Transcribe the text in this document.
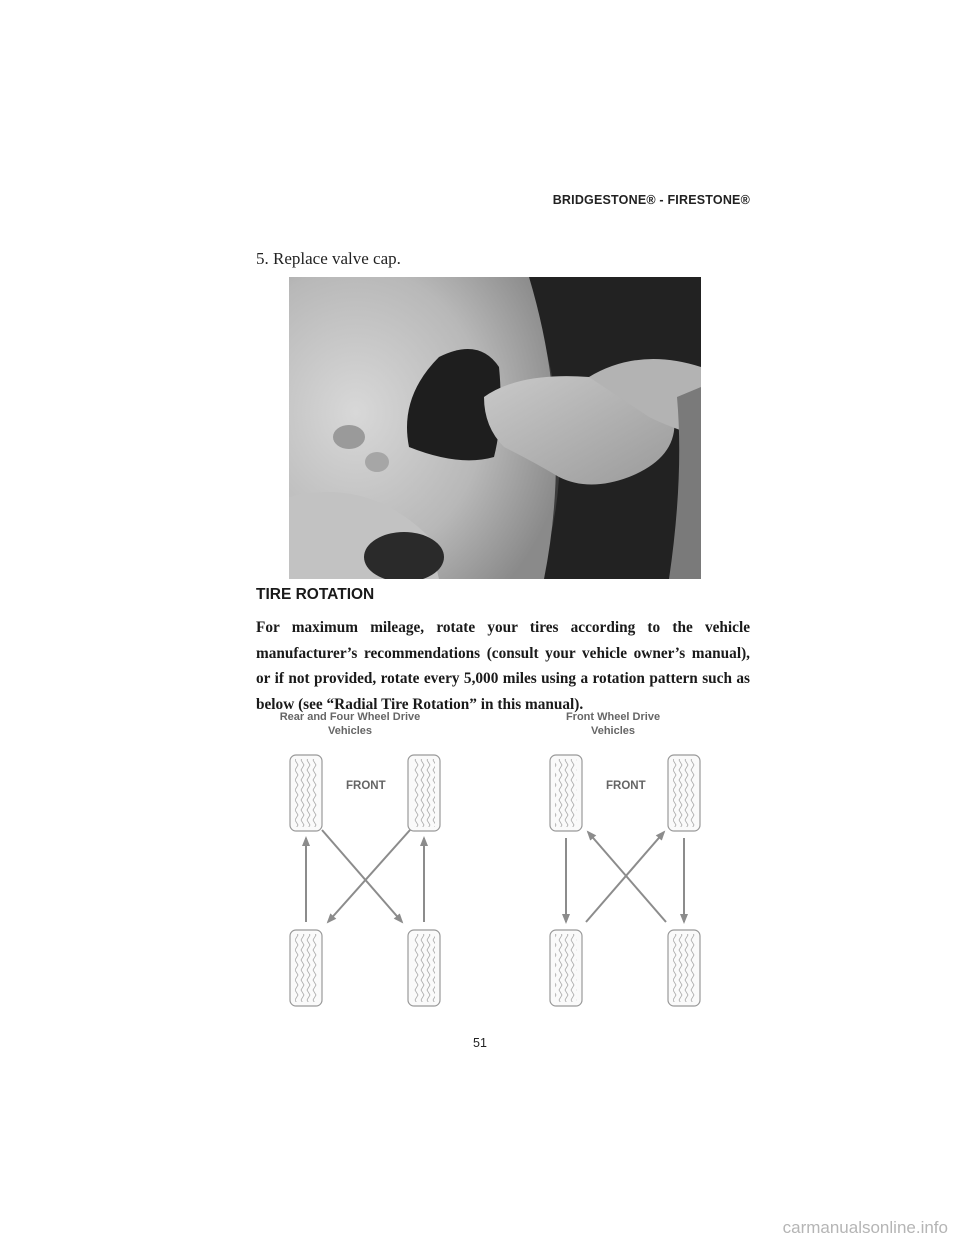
BRIDGESTONE® - FIRESTONE®
5. Replace valve cap.
TIRE ROTATION
For maximum mileage, rotate your tires according to the vehicle manufacturer’s recommendations (consult your vehicle owner’s manual), or if not provided, rotate every 5,000 miles using a rotation pattern such as below (see “Radial Tire Rotation” in this manual).
Rear and Four Wheel Drive
Vehicles
Front Wheel Drive
Vehicles
FRONT	FRONT
51
carmanualsonline.info
